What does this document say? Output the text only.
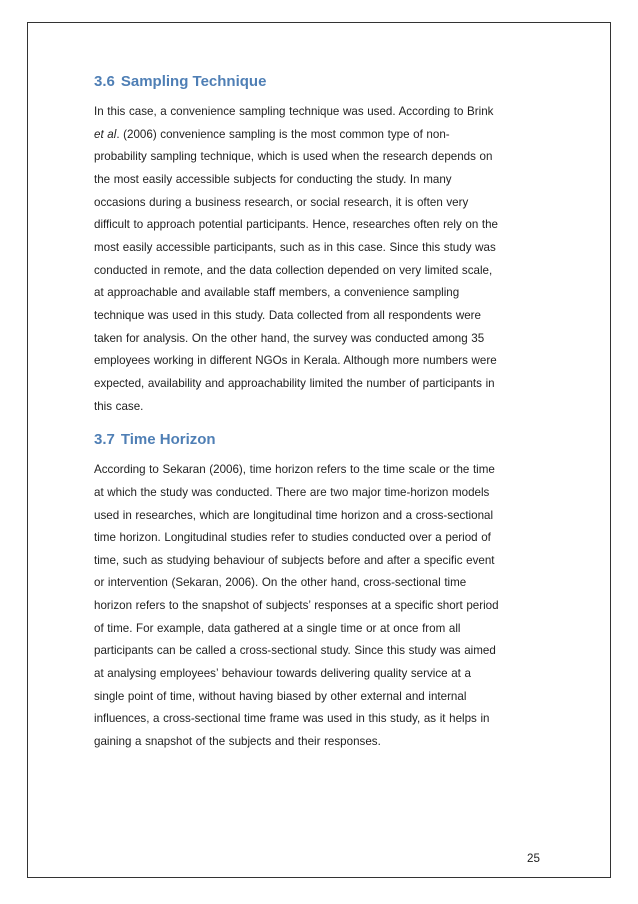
3.6 Sampling Technique

In this case, a convenience sampling technique was used. According to Brink
et al. (2006) convenience sampling is the most common type of non-
probability sampling technique, which is used when the research depends on
the most easily accessible subjects for conducting the study. In many
occasions during a business research, or social research, it is often very
difficult to approach potential participants. Hence, researches often rely on the
most easily accessible participants, such as in this case. Since this study was
conducted in remote, and the data collection depended on very limited scale,
at approachable and available staff members, a convenience sampling
technique was used in this study. Data collected from all respondents were
taken for analysis. On the other hand, the survey was conducted among 35
employees working in different NGOs in Kerala. Although more numbers were
expected, availability and approachability limited the number of participants in
this case.

3.7 Time Horizon

According to Sekaran (2006), time horizon refers to the time scale or the time
at which the study was conducted. There are two major time-horizon models
used in researches, which are longitudinal time horizon and a cross-sectional
time horizon. Longitudinal studies refer to studies conducted over a period of
time, such as studying behaviour of subjects before and after a specific event
or intervention (Sekaran, 2006). On the other hand, cross-sectional time
horizon refers to the snapshot of subjects’ responses at a specific short period
of time. For example, data gathered at a single time or at once from all
participants can be called a cross-sectional study. Since this study was aimed
at analysing employees’ behaviour towards delivering quality service at a
single point of time, without having biased by other external and internal
influences, a cross-sectional time frame was used in this study, as it helps in
gaining a snapshot of the subjects and their responses.

25
